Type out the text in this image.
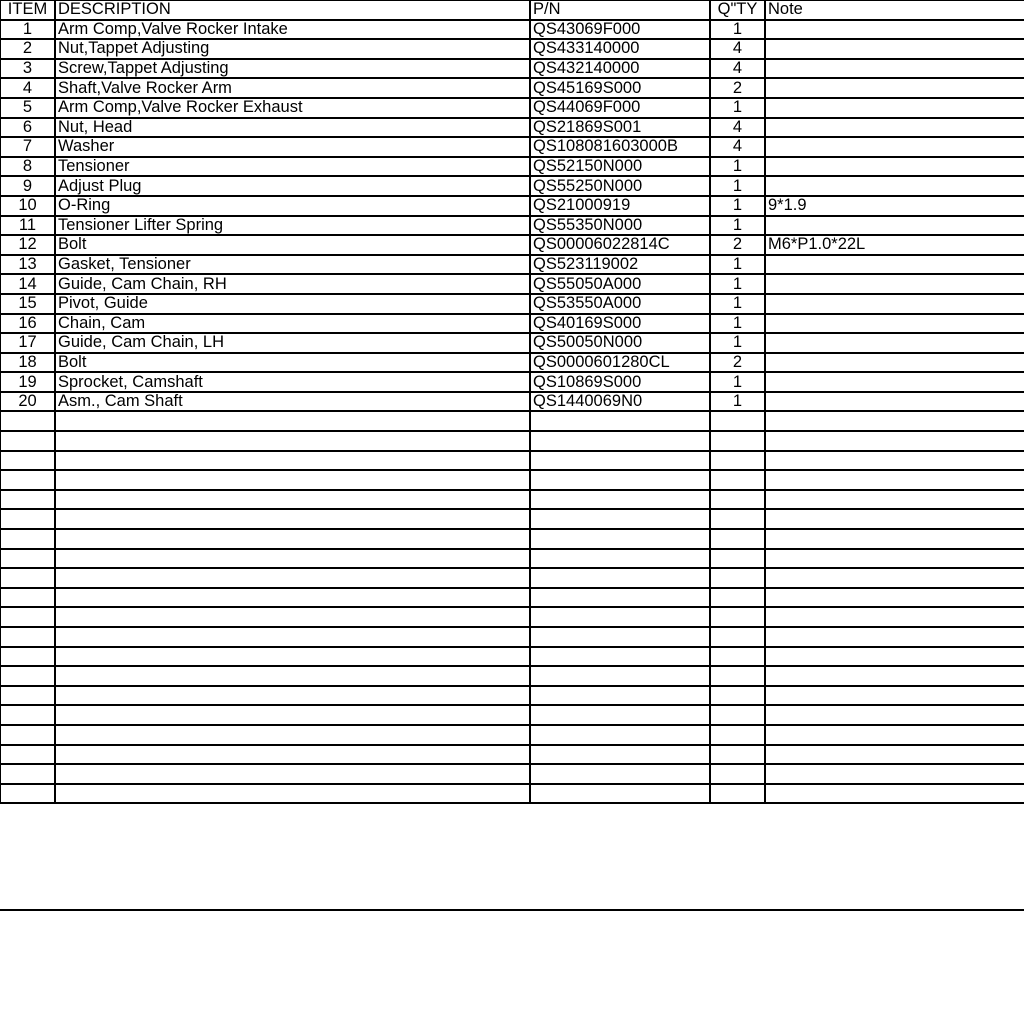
ITEM	DESCRIPTION	P/N	Q"TY	Note
1	Arm Comp,Valve Rocker Intake	QS43069F000	1	
2	Nut,Tappet Adjusting	QS433140000	4	
3	Screw,Tappet Adjusting	QS432140000	4	
4	Shaft,Valve Rocker Arm	QS45169S000	2	
5	Arm Comp,Valve Rocker Exhaust	QS44069F000	1	
6	Nut, Head	QS21869S001	4	
7	Washer	QS108081603000B	4	
8	Tensioner	QS52150N000	1	
9	Adjust Plug	QS55250N000	1	
10	O-Ring	QS21000919	1	9*1.9
11	Tensioner Lifter Spring	QS55350N000	1	
12	Bolt	QS00006022814C	2	M6*P1.0*22L
13	Gasket, Tensioner	QS523119002	1	
14	Guide, Cam Chain, RH	QS55050A000	1	
15	Pivot, Guide	QS53550A000	1	
16	Chain, Cam	QS40169S000	1	
17	Guide, Cam Chain, LH	QS50050N000	1	
18	Bolt	QS0000601280CL	2	
19	Sprocket, Camshaft	QS10869S000	1	
20	Asm., Cam Shaft	QS1440069N0	1	
